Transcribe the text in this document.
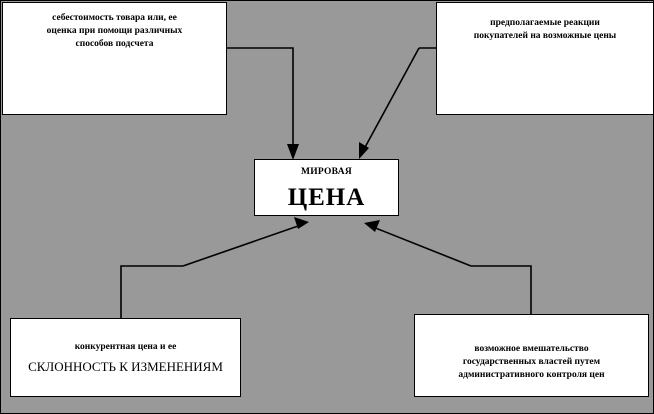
себестоимость товара или, ее
оценка при помощи различных
способов подсчета
предполагаемые реакции
покупателей на возможные цены
МИРОВАЯ
ЦЕНА
конкурентная цена и ее
СКЛОННОСТЬ К ИЗМЕНЕНИЯМ
возможное вмешательство
государственных властей путем
административного контроля цен
